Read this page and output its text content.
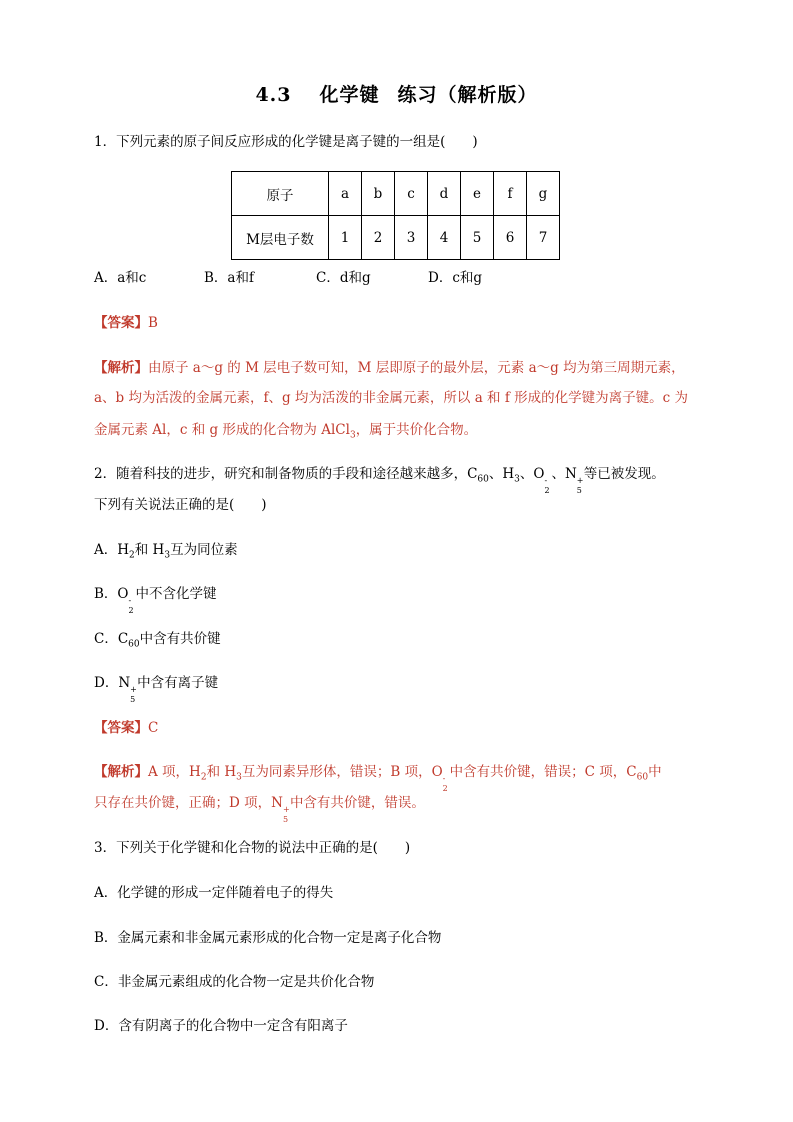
4.3 化学键 练习（解析版）
1．下列元素的原子间反应形成的化学键是离子键的一组是(　　)
原子	a	b	c	d	e	f	g
M层电子数	1	2	3	4	5	6	7
A．a和c	B．a和f	C．d和g	D．c和g
【答案】B
【解析】由原子 a～g 的 M 层电子数可知，M 层即原子的最外层，元素 a～g 均为第三周期元素，
a、b 均为活泼的金属元素，f、g 均为活泼的非金属元素，所以 a 和 f 形成的化学键为离子键。c 为
金属元素 Al，c 和 g 形成的化合物为 AlCl$_3$，属于共价化合物。
2．随着科技的进步，研究和制备物质的手段和途径越来越多，$C_{60}$、$H_3$、O -
2
、N +
5
等已被发现。
下列有关说法正确的是(　　)
A．$H_2$和 $H_3$互为同位素
B．O -
2
中不含化学键
C．$C_{60}$中含有共价键
D．N +
5
中含有离子键
【答案】C
【解析】A 项，$H_2$和 $H_3$互为同素异形体，错误；B 项，O -
2
中含有共价键，错误；C 项，$C_{60}$中
只存在共价键，正确；D 项，N +
5
中含有共价键，错误。
3．下列关于化学键和化合物的说法中正确的是(　　)
A．化学键的形成一定伴随着电子的得失
B．金属元素和非金属元素形成的化合物一定是离子化合物
C．非金属元素组成的化合物一定是共价化合物
D．含有阴离子的化合物中一定含有阳离子
